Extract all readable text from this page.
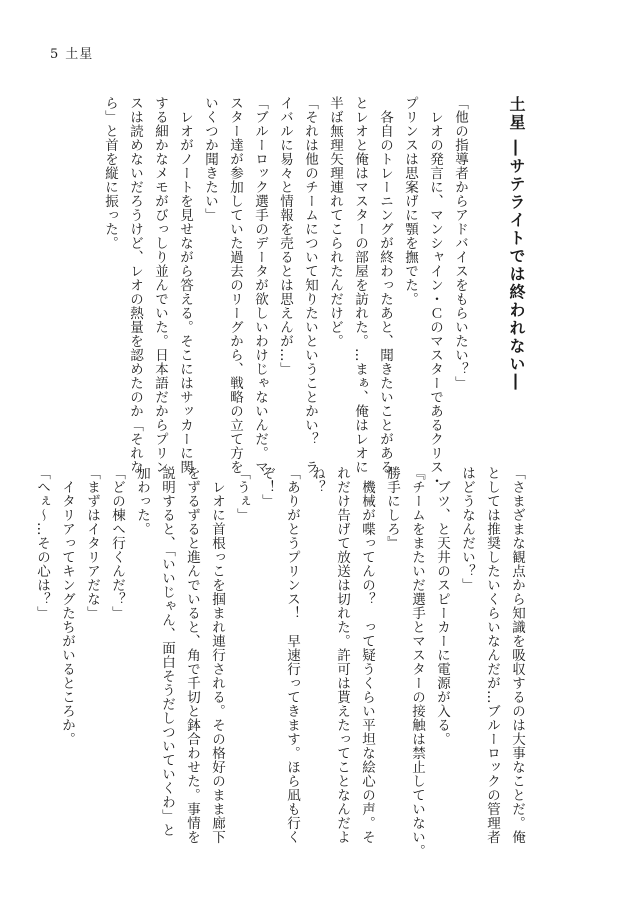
5 土星
土星 ―サテライトでは終われない―
「他の指導者からアドバイスをもらいたい？」
　レオの発言に、マンシャイン・Ｃのマスターであるクリス・
プリンスは思案げに顎を撫でた。
　各自のトレーニングが終わったあと、聞きたいことがある
とレオと俺はマスターの部屋を訪れた。…まぁ、俺はレオに
半ば無理矢理連れてこられたんだけど。
「それは他のチームについて知りたいということかい？　ラ
イバルに易々と情報を売るとは思えんが…」
「ブルーロック選手のデータが欲しいわけじゃないんだ。マ
スター達が参加していた過去のリーグから、戦略の立て方を
いくつか聞きたい」
　レオがノートを見せながら答える。そこにはサッカーに関
する細かなメモがびっしり並んでいた。日本語だからプリン
スは読めないだろうけど、レオの熱量を認めたのか「それな
ら」と首を縦に振った。
「さまざまな観点から知識を吸収するのは大事なことだ。俺
としては推奨したいくらいなんだが…ブルーロックの管理者
はどうなんだい？」
　ブツ、と天井のスピーカーに電源が入る。
『チームをまたいだ選手とマスターの接触は禁止していない。
勝手にしろ』
　機械が喋ってんの？　って疑うくらい平坦な絵心の声。そ
れだけ告げて放送は切れた。許可は貰えたってことなんだよ
ね？
「ありがとうプリンス！　早速行ってきます。ほら凪も行く
ぞ！」
「うぇ」
　レオに首根っこを掴まれ連行される。その格好のまま廊下
をずるずると進んでいると、角で千切と鉢合わせた。事情を
説明すると、「いいじゃん、面白そうだしついていくわ」と
加わった。
「どの棟へ行くんだ？」
「まずはイタリアだな」
　イタリアってキングたちがいるところか。
「へぇ～…その心は？」
